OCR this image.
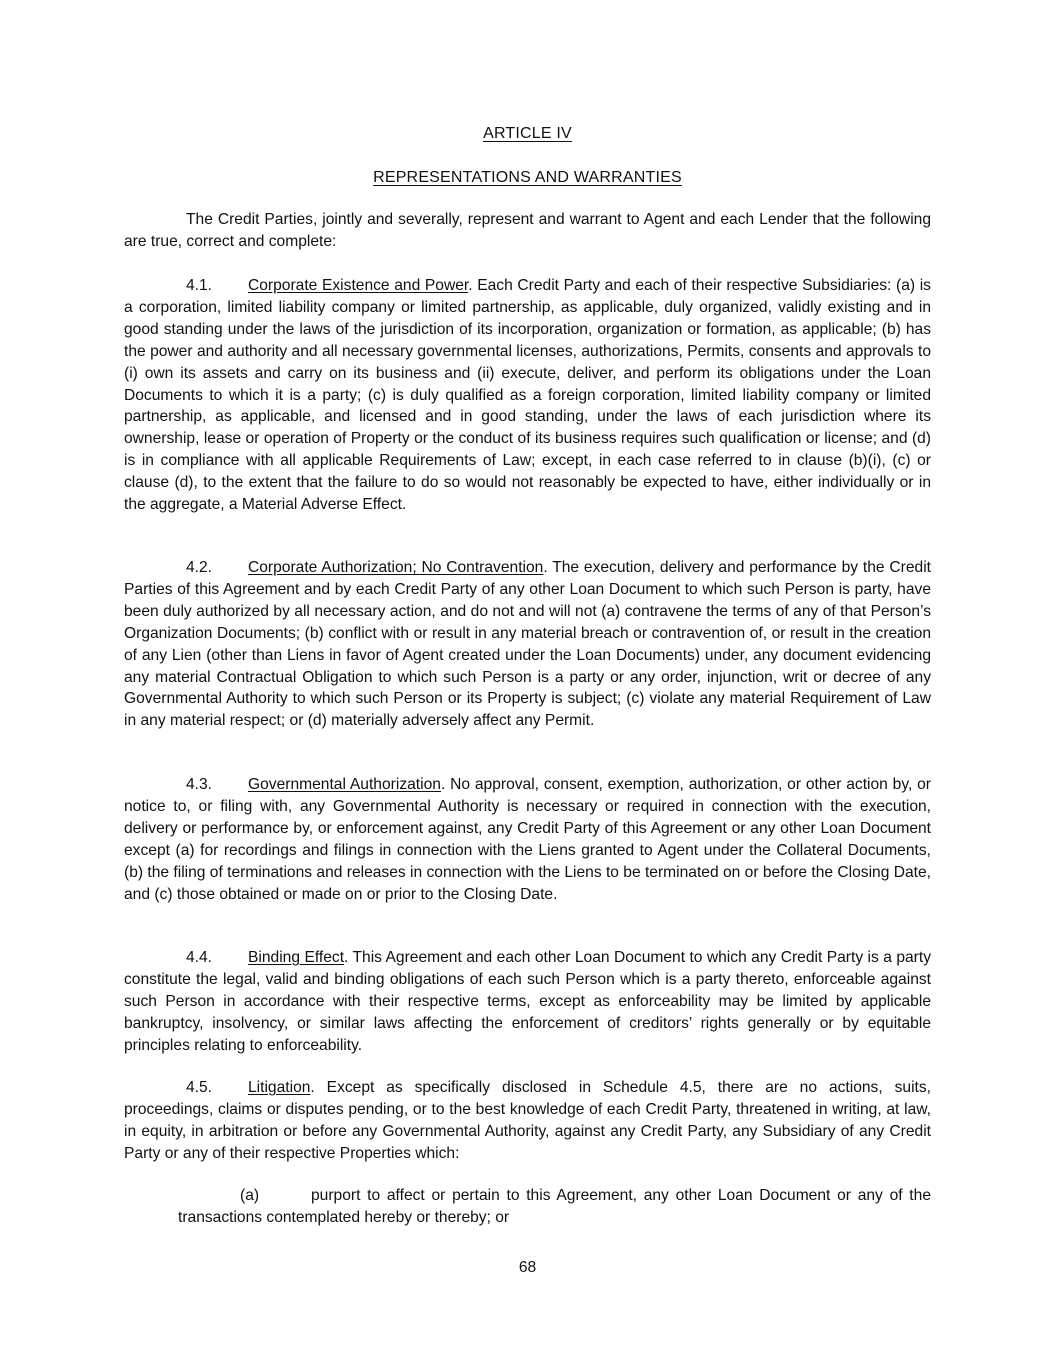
ARTICLE IV
REPRESENTATIONS AND WARRANTIES

The Credit Parties, jointly and severally, represent and warrant to Agent and each Lender that the following are true, correct and complete:

4.1. Corporate Existence and Power. Each Credit Party and each of their respective Subsidiaries: (a) is a corporation, limited liability company or limited partnership, as applicable, duly organized, validly existing and in good standing under the laws of the jurisdiction of its incorporation, organization or formation, as applicable; (b) has the power and authority and all necessary governmental licenses, authorizations, Permits, consents and approvals to (i) own its assets and carry on its business and (ii) execute, deliver, and perform its obligations under the Loan Documents to which it is a party; (c) is duly qualified as a foreign corporation, limited liability company or limited partnership, as applicable, and licensed and in good standing, under the laws of each jurisdiction where its ownership, lease or operation of Property or the conduct of its business requires such qualification or license; and (d) is in compliance with all applicable Requirements of Law; except, in each case referred to in clause (b)(i), (c) or clause (d), to the extent that the failure to do so would not reasonably be expected to have, either individually or in the aggregate, a Material Adverse Effect.

4.2. Corporate Authorization; No Contravention. The execution, delivery and performance by the Credit Parties of this Agreement and by each Credit Party of any other Loan Document to which such Person is party, have been duly authorized by all necessary action, and do not and will not (a) contravene the terms of any of that Person’s Organization Documents; (b) conflict with or result in any material breach or contravention of, or result in the creation of any Lien (other than Liens in favor of Agent created under the Loan Documents) under, any document evidencing any material Contractual Obligation to which such Person is a party or any order, injunction, writ or decree of any Governmental Authority to which such Person or its Property is subject; (c) violate any material Requirement of Law in any material respect; or (d) materially adversely affect any Permit.

4.3. Governmental Authorization. No approval, consent, exemption, authorization, or other action by, or notice to, or filing with, any Governmental Authority is necessary or required in connection with the execution, delivery or performance by, or enforcement against, any Credit Party of this Agreement or any other Loan Document except (a) for recordings and filings in connection with the Liens granted to Agent under the Collateral Documents, (b) the filing of terminations and releases in connection with the Liens to be terminated on or before the Closing Date, and (c) those obtained or made on or prior to the Closing Date.

4.4. Binding Effect. This Agreement and each other Loan Document to which any Credit Party is a party constitute the legal, valid and binding obligations of each such Person which is a party thereto, enforceable against such Person in accordance with their respective terms, except as enforceability may be limited by applicable bankruptcy, insolvency, or similar laws affecting the enforcement of creditors’ rights generally or by equitable principles relating to enforceability.

4.5. Litigation. Except as specifically disclosed in Schedule 4.5, there are no actions, suits, proceedings, claims or disputes pending, or to the best knowledge of each Credit Party, threatened in writing, at law, in equity, in arbitration or before any Governmental Authority, against any Credit Party, any Subsidiary of any Credit Party or any of their respective Properties which:

(a)	purport to affect or pertain to this Agreement, any other Loan Document or any of the transactions contemplated hereby or thereby; or

68
